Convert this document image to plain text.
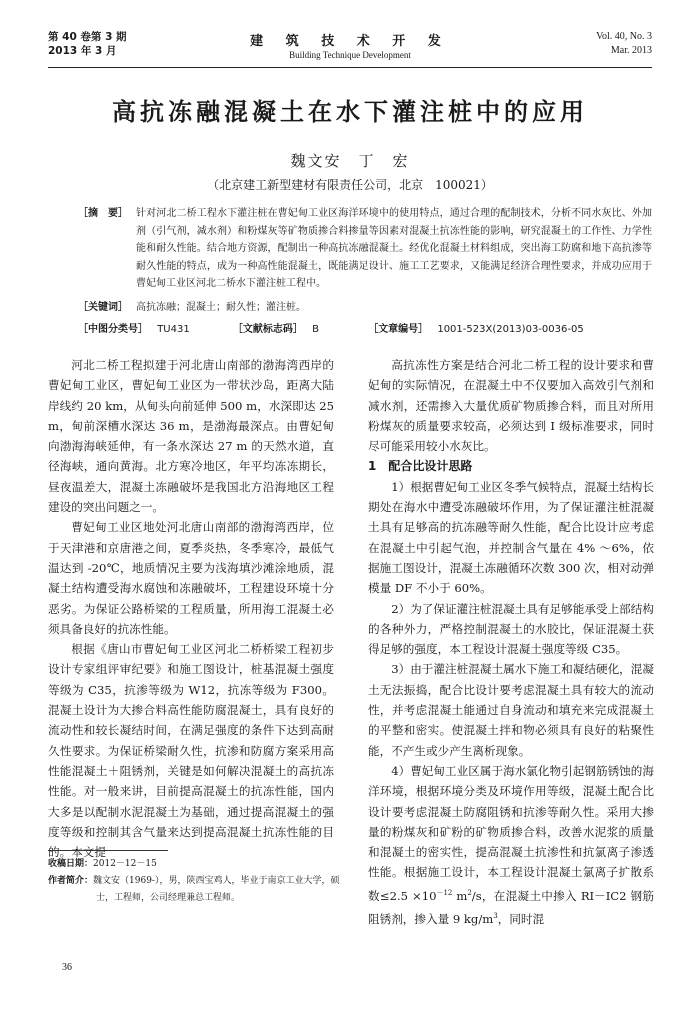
第 40 卷第 3 期
2013 年 3 月
建 筑 技 术 开 发
Building Technique Development
Vol. 40, No. 3
Mar. 2013
高抗冻融混凝土在水下灌注桩中的应用
魏文安　丁　宏
（北京建工新型建材有限责任公司，北京　100021）
［摘　要］ 针对河北二桥工程水下灌注桩在曹妃甸工业区海洋环境中的使用特点，通过合理的配制技术，分析不同水灰比、外加剂（引气剂，减水剂）和粉煤灰等矿物质掺合料掺量等因素对混凝土抗冻性能的影响，研究混凝土的工作性、力学性能和耐久性能。结合地方资源，配制出一种高抗冻融混凝土。经优化混凝土材料组成，突出海工防腐和地下高抗渗等耐久性能的特点，成为一种高性能混凝土，既能满足设计、施工工艺要求，又能满足经济合理性要求，并成功应用于曹妃甸工业区河北二桥水下灌注桩工程中。
［关键词］ 高抗冻融；混凝土；耐久性；灌注桩。
［中图分类号］ TU431	［文献标志码］ B	［文章编号］ 1001-523X(2013)03-0036-05

河北二桥工程拟建于河北唐山南部的渤海湾西岸的曹妃甸工业区，曹妃甸工业区为一带状沙岛，距离大陆岸线约 20 km，从甸头向前延伸 500 m，水深即达 25 m，甸前深槽水深达 36 m，是渤海最深点。由曹妃甸向渤海海峡延伸，有一条水深达 27 m 的天然水道，直径海峡，通向黄海。北方寒冷地区，年平均冻冻期长，昼夜温差大，混凝土冻融破坏是我国北方沿海地区工程建设的突出问题之一。

曹妃甸工业区地处河北唐山南部的渤海湾西岸，位于天津港和京唐港之间，夏季炎热，冬季寒冷，最低气温达到 -20℃，地质情况主要为浅海填沙滩涂地质，混凝土结构遭受海水腐蚀和冻融破坏，工程建设环境十分恶劣。为保证公路桥梁的工程质量，所用海工混凝土必须具备良好的抗冻性能。

根据《唐山市曹妃甸工业区河北二桥桥梁工程初步设计专家组评审纪要》和施工图设计，桩基混凝土强度等级为 C35，抗渗等级为 W12，抗冻等级为 F300。混凝土设计为大掺合料高性能防腐混凝土，具有良好的流动性和较长凝结时间，在满足强度的条件下达到高耐久性要求。为保证桥梁耐久性，抗渗和防腐方案采用高性能混凝土＋阻锈剂，关键是如何解决混凝土的高抗冻性能。对一般来讲，目前提高混凝土的抗冻性能，国内大多是以配制水泥混凝土为基础，通过提高混凝土的强度等级和控制其含气量来达到提高混凝土抗冻性能的目的。本文提

收稿日期：2012－12－15
作者简介：魏文安（1969-），男，陕西宝鸡人，毕业于南京工业大学，硕
士，工程师，公司经理兼总工程师。

高抗冻性方案是结合河北二桥工程的设计要求和曹妃甸的实际情况，在混凝土中不仅要加入高效引气剂和减水剂，还需掺入大量优质矿物质掺合料，而且对所用粉煤灰的质量要求较高，必须达到 Ⅰ 级标准要求，同时尽可能采用较小水灰比。

1　配合比设计思路

1）根据曹妃甸工业区冬季气候特点，混凝土结构长期处在海水中遭受冻融破坏作用，为了保证灌注桩混凝土具有足够高的抗冻融等耐久性能，配合比设计应考虑在混凝土中引起气泡，并控制含气量在 4% ～6%，依据施工图设计，混凝土冻融循环次数 300 次，相对动弹模量 DF 不小于 60%。

2）为了保证灌注桩混凝土具有足够能承受上部结构的各种外力，严格控制混凝土的水胶比，保证混凝土获得足够的强度，本工程设计混凝土强度等级 C35。

3）由于灌注桩混凝土属水下施工和凝结硬化，混凝土无法振捣，配合比设计要考虑混凝土具有较大的流动性，并考虑混凝土能通过自身流动和填充来完成混凝土的平整和密实。使混凝土拌和物必须具有良好的粘聚性能，不产生或少产生离析现象。

4）曹妃甸工业区属于海水氯化物引起钢筋锈蚀的海洋环境，根据环境分类及环境作用等级，混凝土配合比设计要考虑混凝土防腐阻锈和抗渗等耐久性。采用大掺量的粉煤灰和矿粉的矿物质掺合料，改善水泥浆的质量和混凝土的密实性，提高混凝土抗渗性和抗氯离子渗透性能。根据施工设计，本工程设计混凝土氯离子扩散系数$\le 2.5 \times 10^{-12}$ $m^2/s$，在混凝土中掺入 RI－IC2 钢筋阻锈剂，掺入量 9 $kg/m^3$，同时混

36
